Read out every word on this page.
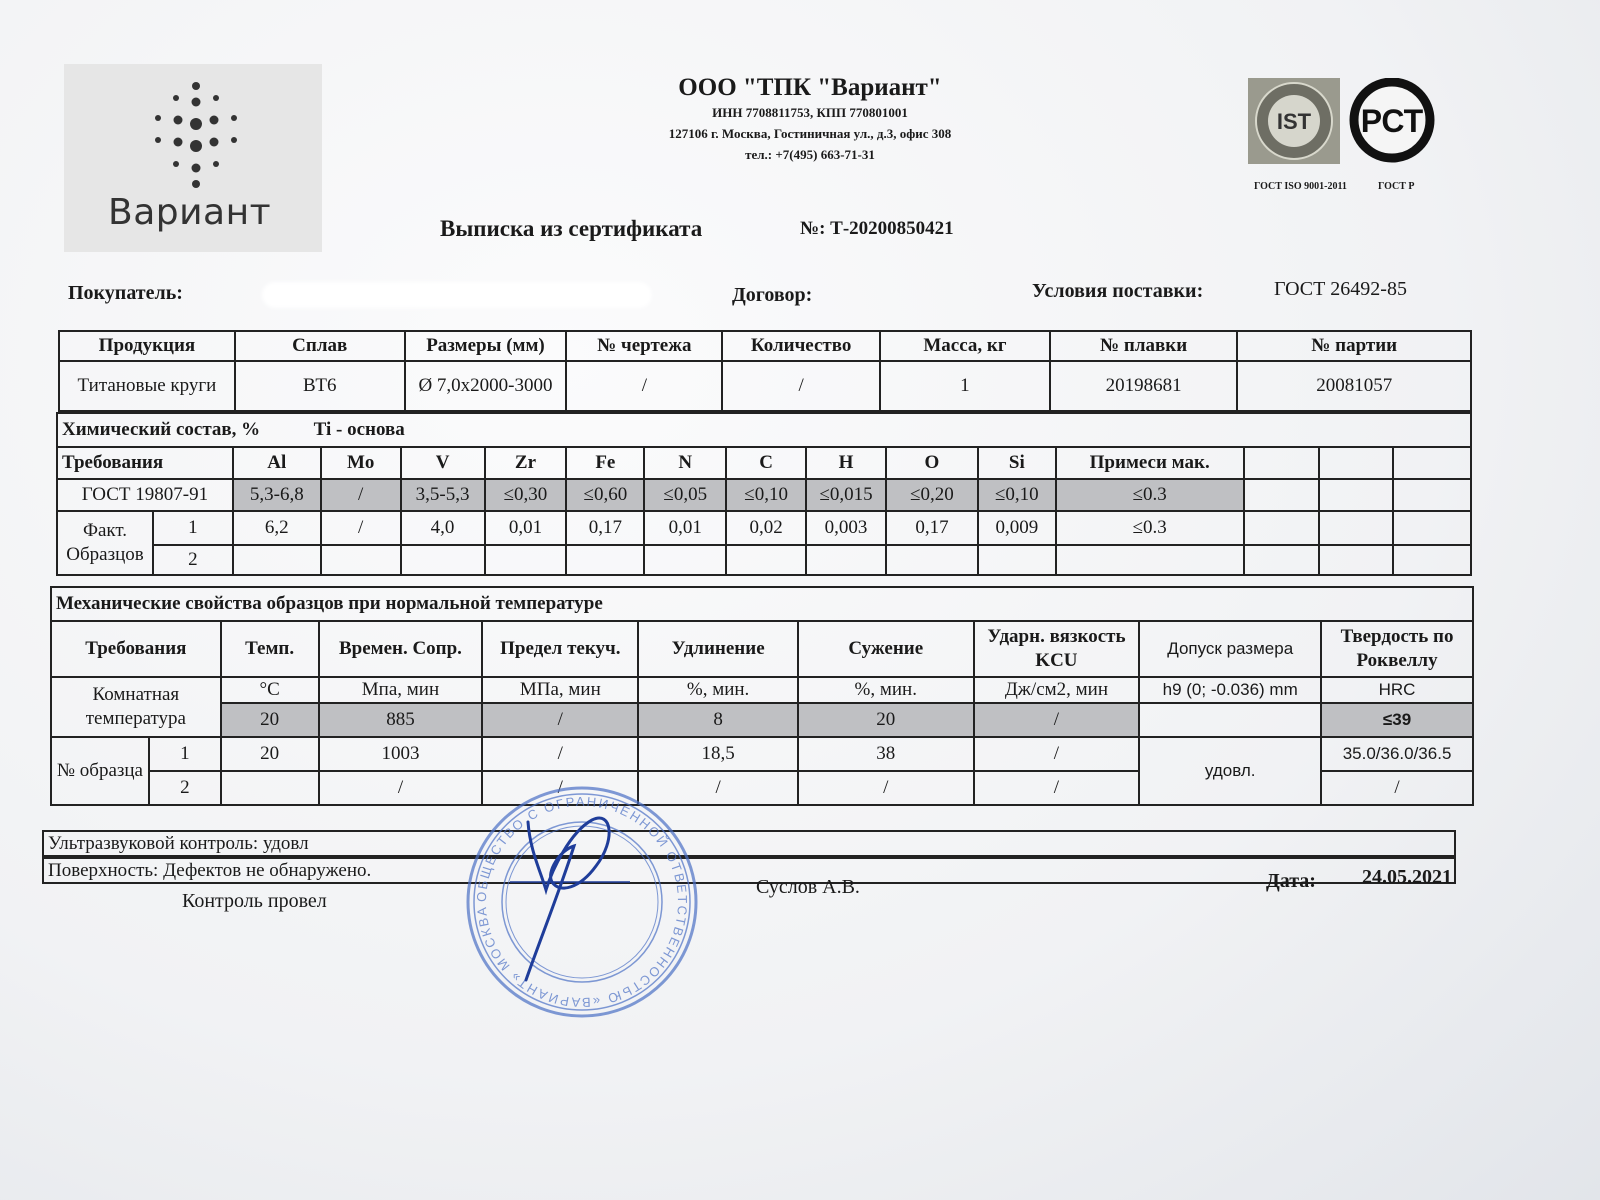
Вариант
ООО "ТПК "Вариант"
ИНН 7708811753, КПП 770801001
127106 г. Москва, Гостиничная ул., д.3, офис 308
тел.: +7(495) 663-71-31
IST РСТ
ГОСТ ISO 9001-2011	ГОСТ Р
Выписка из сертификата	№: Т-20200850421
Покупатель:	Договор:	Условия поставки:	ГОСТ 26492-85
Продукция	Сплав	Размеры (мм)	№ чертежа	Количество	Масса, кг	№ плавки	№ партии
Титановые круги	ВТ6	Ø 7,0х2000-3000	/	/	1	20198681	20081057
Химический состав, % Ti - основа															
Требования		Al	Mo	V	Zr	Fe	N	C	H	O	Si	Примеси мак.			
ГОСТ 19807-91		5,3-6,8	/	3,5-5,3	≤0,30	≤0,60	≤0,05	≤0,10	≤0,015	≤0,20	≤0,10	≤0.3			
Факт. Образцов	1	6,2	/	4,0	0,01	0,17	0,01	0,02	0,003	0,17	0,009	≤0.3			
	2														
Механические свойства образцов при нормальной температуре									
Требования		Темп.	Времен. Сопр.	Предел текуч.	Удлинение	Сужение	Ударн. вязкость KCU	Допуск размера	Твердость по Роквеллу
Комнатная температура		°С	Мпа, мин	МПа, мин	%, мин.	%, мин.	Дж/см2, мин	h9 (0; -0.036) mm	HRC
		20	885	/	8	20	/		≤39
№ образца	1	20	1003	/	18,5	38	/	удовл.	35.0/36.0/36.5
	2		/	/	/	/	/		/
Ультразвуковой контроль: удовл
Поверхность: Дефектов не обнаружено.
Контроль провел
Суслов А.В.	Дата: 24.05.2021
ОБЩЕСТВО С ОГРАНИЧЕННОЙ ОТВЕТСТВЕННОСТЬЮ «ВАРИАНТ» МОСКВА
